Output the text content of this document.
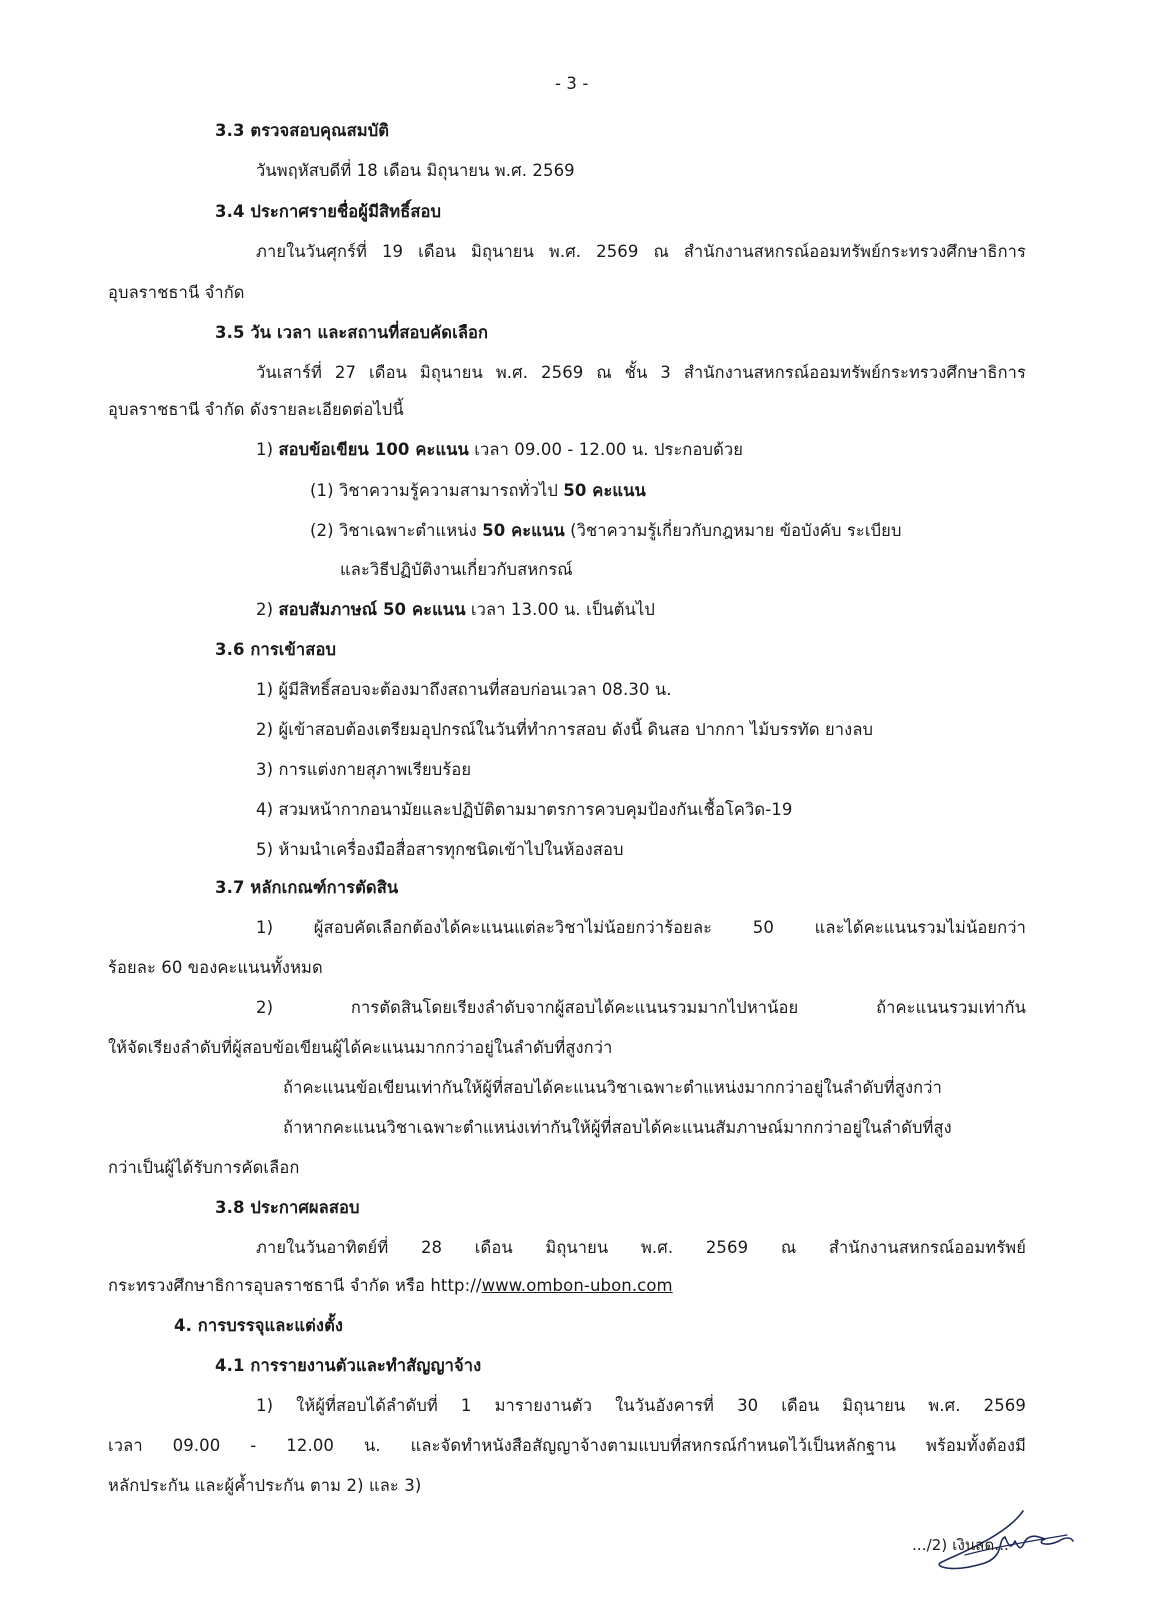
- 3 -
3.3 ตรวจสอบคุณสมบัติ
วันพฤหัสบดีที่ 18 เดือน มิถุนายน พ.ศ. 2569
3.4 ประกาศรายชื่อผู้มีสิทธิ์สอบ
ภายในวันศุกร์ที่ 19 เดือน มิถุนายน พ.ศ. 2569 ณ สำนักงานสหกรณ์ออมทรัพย์กระทรวงศึกษาธิการ
อุบลราชธานี จำกัด
3.5 วัน เวลา และสถานที่สอบคัดเลือก
วันเสาร์ที่ 27 เดือน มิถุนายน พ.ศ. 2569 ณ ชั้น 3 สำนักงานสหกรณ์ออมทรัพย์กระทรวงศึกษาธิการ
อุบลราชธานี จำกัด ดังรายละเอียดต่อไปนี้
1) สอบข้อเขียน 100 คะแนน เวลา 09.00 - 12.00 น. ประกอบด้วย
(1) วิชาความรู้ความสามารถทั่วไป 50 คะแนน
(2) วิชาเฉพาะตำแหน่ง 50 คะแนน (วิชาความรู้เกี่ยวกับกฎหมาย ข้อบังคับ ระเบียบ
และวิธีปฏิบัติงานเกี่ยวกับสหกรณ์
2) สอบสัมภาษณ์ 50 คะแนน เวลา 13.00 น. เป็นต้นไป
3.6 การเข้าสอบ
1) ผู้มีสิทธิ์สอบจะต้องมาถึงสถานที่สอบก่อนเวลา 08.30 น.
2) ผู้เข้าสอบต้องเตรียมอุปกรณ์ในวันที่ทำการสอบ ดังนี้ ดินสอ ปากกา ไม้บรรทัด ยางลบ
3) การแต่งกายสุภาพเรียบร้อย
4) สวมหน้ากากอนามัยและปฏิบัติตามมาตรการควบคุมป้องกันเชื้อโควิด-19
5) ห้ามนำเครื่องมือสื่อสารทุกชนิดเข้าไปในห้องสอบ
3.7 หลักเกณฑ์การตัดสิน
1) ผู้สอบคัดเลือกต้องได้คะแนนแต่ละวิชาไม่น้อยกว่าร้อยละ 50 และได้คะแนนรวมไม่น้อยกว่า
ร้อยละ 60 ของคะแนนทั้งหมด
2) การตัดสินโดยเรียงลำดับจากผู้สอบได้คะแนนรวมมากไปหาน้อย ถ้าคะแนนรวมเท่ากัน
ให้จัดเรียงลำดับที่ผู้สอบข้อเขียนผู้ได้คะแนนมากกว่าอยู่ในลำดับที่สูงกว่า
ถ้าคะแนนข้อเขียนเท่ากันให้ผู้ที่สอบได้คะแนนวิชาเฉพาะตำแหน่งมากกว่าอยู่ในลำดับที่สูงกว่า
ถ้าหากคะแนนวิชาเฉพาะตำแหน่งเท่ากันให้ผู้ที่สอบได้คะแนนสัมภาษณ์มากกว่าอยู่ในลำดับที่สูง
กว่าเป็นผู้ได้รับการคัดเลือก
3.8 ประกาศผลสอบ
ภายในวันอาทิตย์ที่ 28 เดือน มิถุนายน พ.ศ. 2569 ณ สำนักงานสหกรณ์ออมทรัพย์
กระทรวงศึกษาธิการอุบลราชธานี จำกัด หรือ http://www.ombon-ubon.com
4. การบรรจุและแต่งตั้ง
4.1 การรายงานตัวและทำสัญญาจ้าง
1) ให้ผู้ที่สอบได้ลำดับที่ 1 มารายงานตัว ในวันอังคารที่ 30 เดือน มิถุนายน พ.ศ. 2569
เวลา 09.00 - 12.00 น. และจัดทำหนังสือสัญญาจ้างตามแบบที่สหกรณ์กำหนดไว้เป็นหลักฐาน พร้อมทั้งต้องมี
หลักประกัน และผู้ค้ำประกัน ตาม 2) และ 3)
.../2) เงินสด...
